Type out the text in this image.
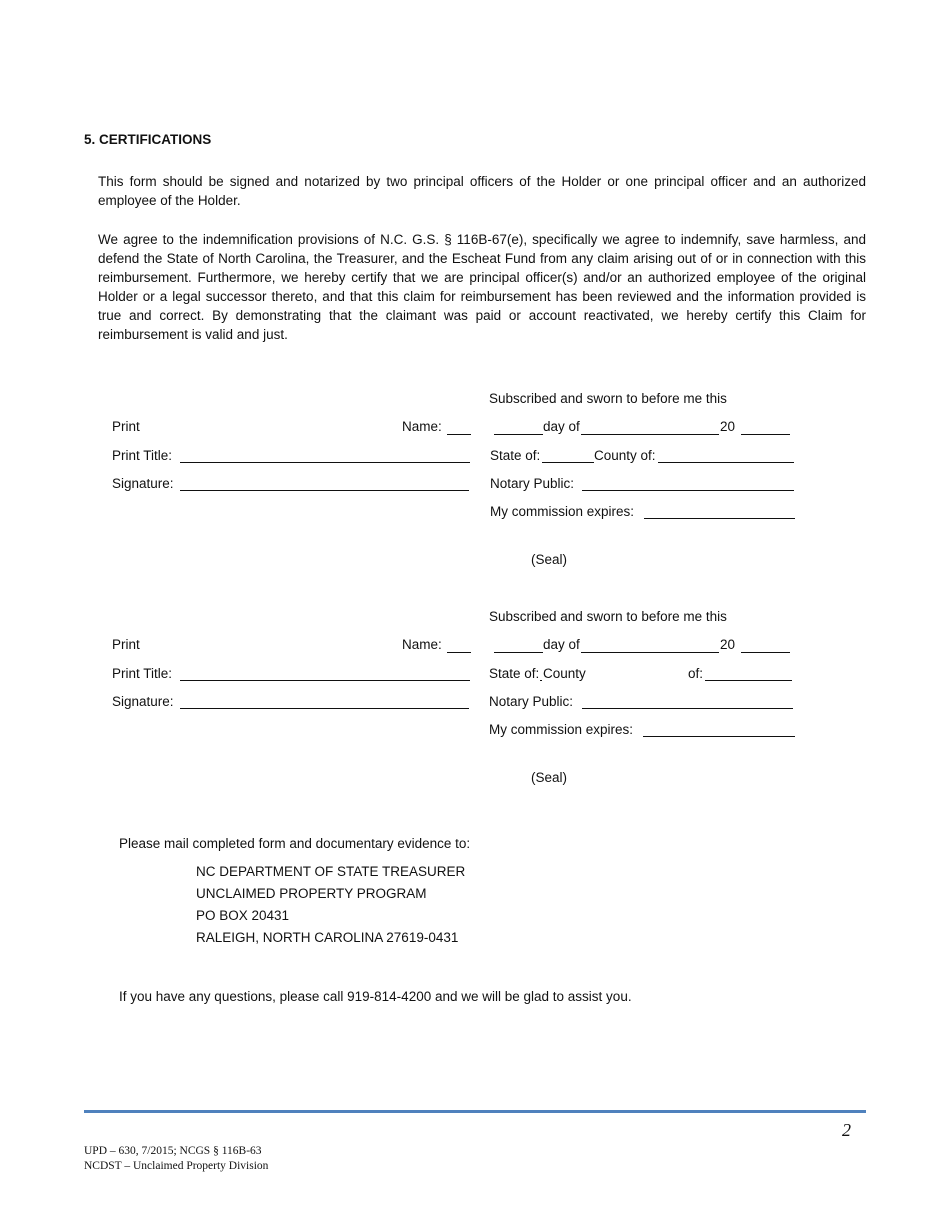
5. CERTIFICATIONS
This form should be signed and notarized by two principal officers of the Holder or one principal officer and an authorized employee of the Holder.
We agree to the indemnification provisions of N.C. G.S. § 116B-67(e), specifically we agree to indemnify, save harmless, and defend the State of North Carolina, the Treasurer, and the Escheat Fund from any claim arising out of or in connection with this reimbursement. Furthermore, we hereby certify that we are principal officer(s) and/or an authorized employee of the original Holder or a legal successor thereto, and that this claim for reimbursement has been reviewed and the information provided is true and correct. By demonstrating that the claimant was paid or account reactivated, we hereby certify this Claim for reimbursement is valid and just.
Subscribed and sworn to before me this
Print	Name:	day of	20
Print Title:	State of:	County of:
Signature:	Notary Public:
My commission expires:
(Seal)
Subscribed and sworn to before me this
Print	Name:	day of	20
Print Title:	State of: County	of:
Signature:	Notary Public:
My commission expires:
(Seal)
Please mail completed form and documentary evidence to:
NC DEPARTMENT OF STATE TREASURER
UNCLAIMED PROPERTY PROGRAM
PO BOX 20431
RALEIGH, NORTH CAROLINA 27619-0431
If you have any questions, please call 919-814-4200 and we will be glad to assist you.
2
UPD – 630, 7/2015; NCGS § 116B-63
NCDST – Unclaimed Property Division
